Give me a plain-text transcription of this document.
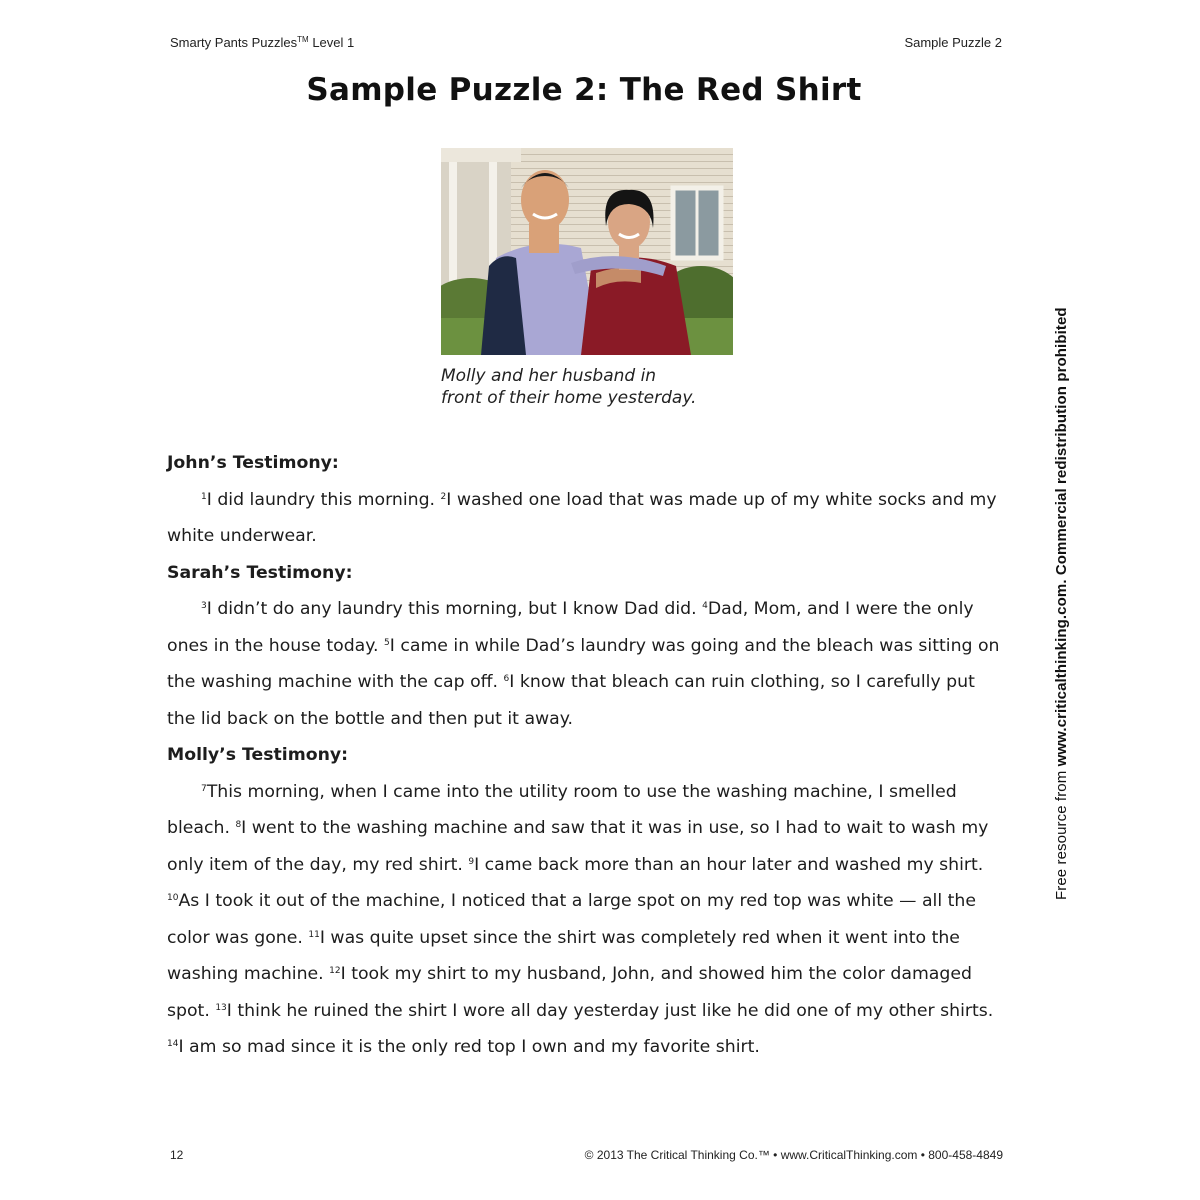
Smarty Pants Puzzles™ Level 1	Sample Puzzle 2
Sample Puzzle 2: The Red Shirt
Molly and her husband in
front of their home yesterday.

John’s Testimony:

$^1$I did laundry this morning. $^2$I washed one load that was made up of my white socks and my white underwear.

Sarah’s Testimony:

$^3$I didn’t do any laundry this morning, but I know Dad did. $^4$Dad, Mom, and I were the only ones in the house today. $^5$I came in while Dad’s laundry was going and the bleach was sitting on the washing machine with the cap off. $^6$I know that bleach can ruin clothing, so I carefully put the lid back on the bottle and then put it away.

Molly’s Testimony:

$^7$This morning, when I came into the utility room to use the washing machine, I smelled bleach. $^8$I went to the washing machine and saw that it was in use, so I had to wait to wash my only item of the day, my red shirt. $^9$I came back more than an hour later and washed my shirt. $^{10}$As I took it out of the machine, I noticed that a large spot on my red top was white — all the color was gone. $^{11}$I was quite upset since the shirt was completely red when it went into the washing machine. $^{12}$I took my shirt to my husband, John, and showed him the color damaged spot. $^{13}$I think he ruined the shirt I wore all day yesterday just like he did one of my other shirts. $^{14}$I am so mad since it is the only red top I own and my favorite shirt.

Free resource from www.criticalthinking.com. Commercial redistribution prohibited
12	© 2013 The Critical Thinking Co.™ • www.CriticalThinking.com • 800-458-4849
